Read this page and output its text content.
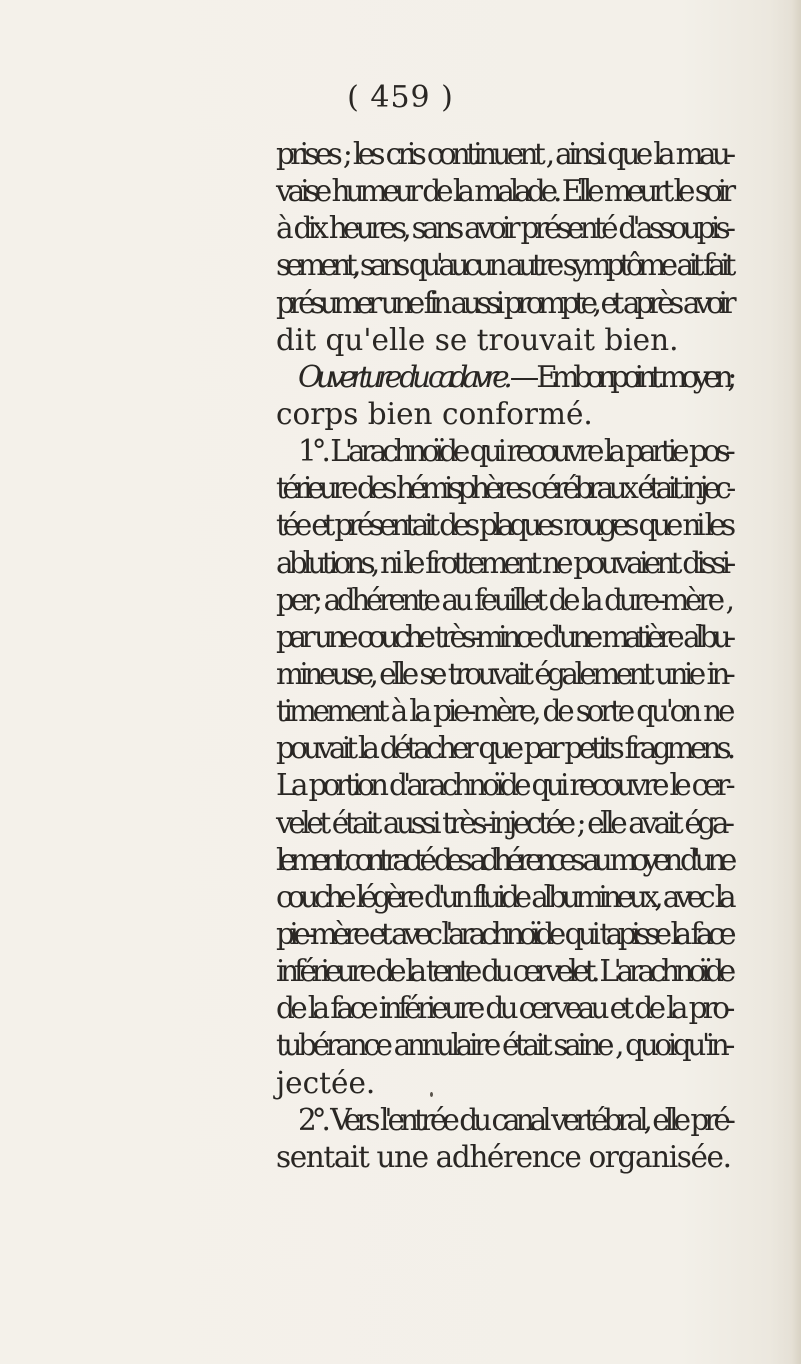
( 459 )
prises ; les cris continuent , ainsi que la mau-
vaise humeur de la malade. Elle meurt le soir
à dix heures, sans avoir présenté d'assoupis-
sement, sans qu'aucun autre symptôme ait fait
présumer une fin aussi prompte, et après avoir
dit qu'elle se trouvait bien.
Ouverture du cadavre. — Embonpoint moyen;
corps bien conformé.
1°. L'arachnoïde qui recouvre la partie pos-
térieure des hémisphères cérébraux était injec-
tée et présentait des plaques rouges que ni les
ablutions, ni le frottement ne pouvaient dissi-
per; adhérente au feuillet de la dure-mère ,
par une couche très-mince d'une matière albu-
mineuse, elle se trouvait également unie in-
timement à la pie-mère, de sorte qu'on ne
pouvait la détacher que par petits fragmens.
La portion d'arachnoïde qui recouvre le cer-
velet était aussi très-injectée ; elle avait éga-
lement contracté des adhérences au moyen d'une
couche légère d'un fluide albumineux, avec la
pie-mère et avec l'arachnoïde qui tapisse la face
inférieure de la tente du cervelet. L'arachnoïde
de la face inférieure du cerveau et de la pro-
tubérance annulaire était saine , quoiqu'in-
jectée.
2°. Vers l'entrée du canal vertébral, elle pré-
sentait une adhérence organisée.
